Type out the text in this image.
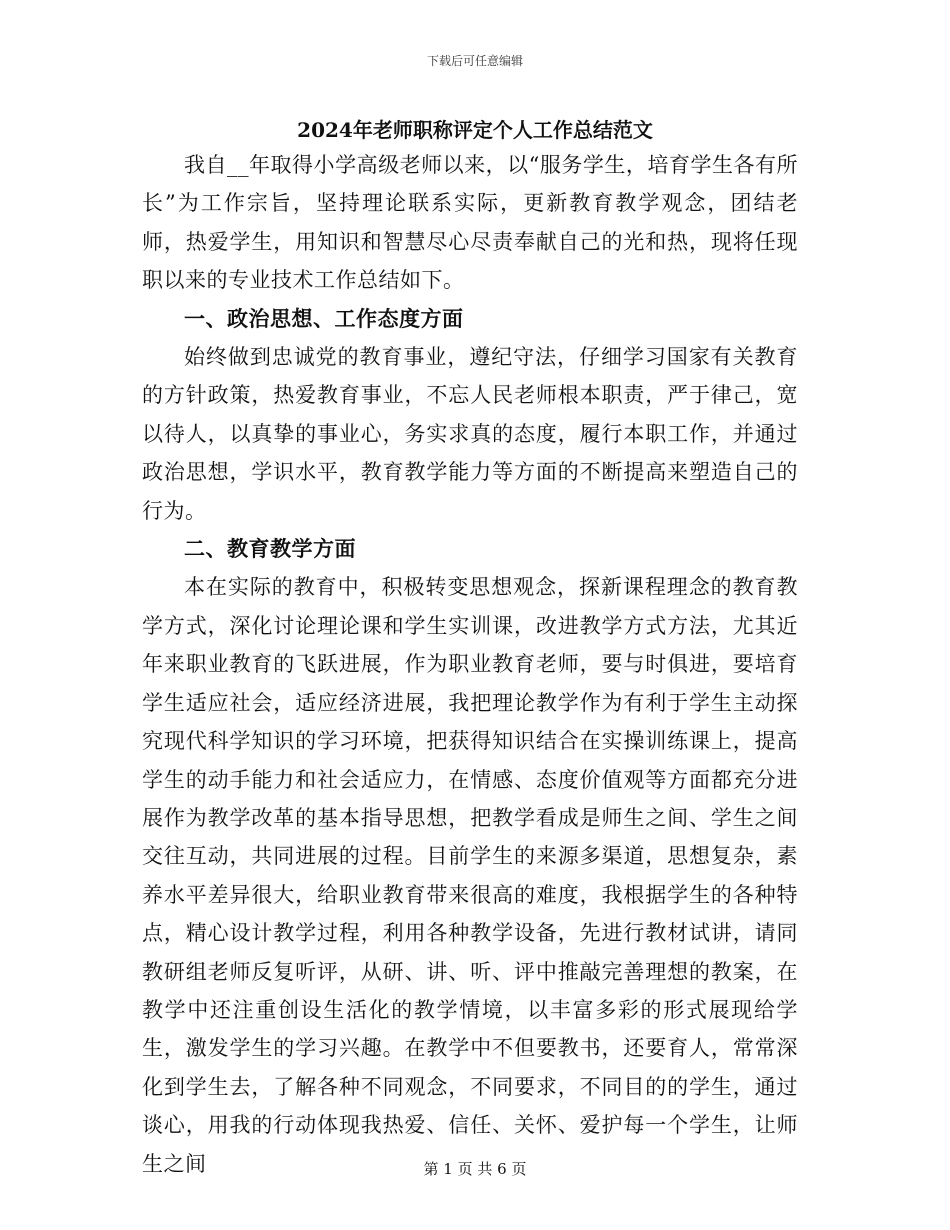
下载后可任意编辑
2024年老师职称评定个人工作总结范文

我自__年取得小学高级老师以来，以“服务学生，培育学生各有所长”为工作宗旨，坚持理论联系实际，更新教育教学观念，团结老师，热爱学生，用知识和智慧尽心尽责奉献自己的光和热，现将任现职以来的专业技术工作总结如下。

一、政治思想、工作态度方面

始终做到忠诚党的教育事业，遵纪守法，仔细学习国家有关教育的方针政策，热爱教育事业，不忘人民老师根本职责，严于律己，宽以待人，以真挚的事业心，务实求真的态度，履行本职工作，并通过政治思想，学识水平，教育教学能力等方面的不断提高来塑造自己的行为。

二、教育教学方面

本在实际的教育中，积极转变思想观念，探新课程理念的教育教学方式，深化讨论理论课和学生实训课，改进教学方式方法，尤其近年来职业教育的飞跃进展，作为职业教育老师，要与时俱进，要培育学生适应社会，适应经济进展，我把理论教学作为有利于学生主动探究现代科学知识的学习环境，把获得知识结合在实操训练课上，提高学生的动手能力和社会适应力，在情感、态度价值观等方面都充分进展作为教学改革的基本指导思想，把教学看成是师生之间、学生之间交往互动，共同进展的过程。目前学生的来源多渠道，思想复杂，素养水平差异很大，给职业教育带来很高的难度，我根据学生的各种特点，精心设计教学过程，利用各种教学设备，先进行教材试讲，请同教研组老师反复听评，从研、讲、听、评中推敲完善理想的教案，在教学中还注重创设生活化的教学情境，以丰富多彩的形式展现给学生，激发学生的学习兴趣。在教学中不但要教书，还要育人，常常深化到学生去，了解各种不同观念，不同要求，不同目的的学生，通过谈心，用我的行动体现我热爱、信任、关怀、爱护每一个学生，让师生之间	第 1 页 共 6 页
